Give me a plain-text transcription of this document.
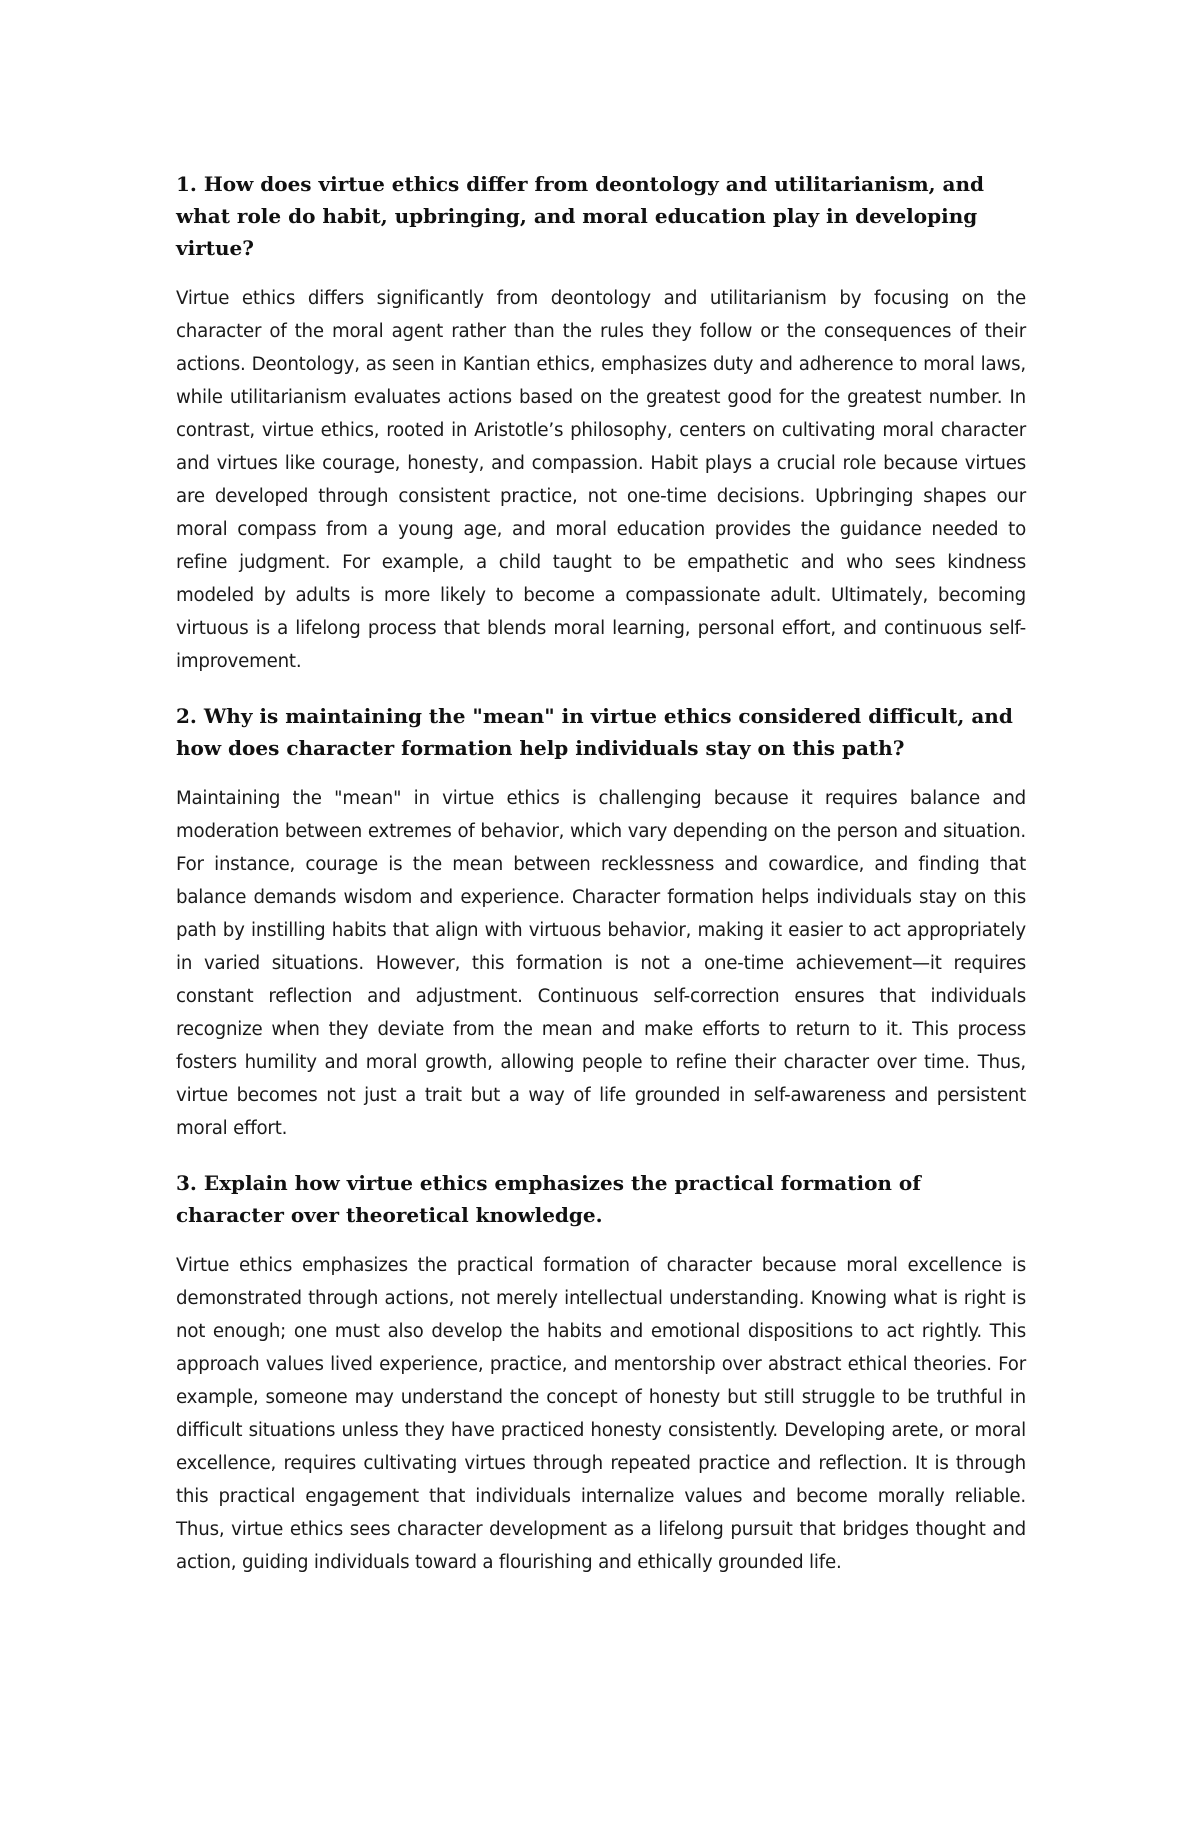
1. How does virtue ethics differ from deontology and utilitarianism, and what role do habit, upbringing, and moral education play in developing virtue?

Virtue ethics differs significantly from deontology and utilitarianism by focusing on the character of the moral agent rather than the rules they follow or the consequences of their actions. Deontology, as seen in Kantian ethics, emphasizes duty and adherence to moral laws, while utilitarianism evaluates actions based on the greatest good for the greatest number. In contrast, virtue ethics, rooted in Aristotle’s philosophy, centers on cultivating moral character and virtues like courage, honesty, and compassion. Habit plays a crucial role because virtues are developed through consistent practice, not one-time decisions. Upbringing shapes our moral compass from a young age, and moral education provides the guidance needed to refine judgment. For example, a child taught to be empathetic and who sees kindness modeled by adults is more likely to become a compassionate adult. Ultimately, becoming virtuous is a lifelong process that blends moral learning, personal effort, and continuous self-improvement.

2. Why is maintaining the "mean" in virtue ethics considered difficult, and how does character formation help individuals stay on this path?

Maintaining the "mean" in virtue ethics is challenging because it requires balance and moderation between extremes of behavior, which vary depending on the person and situation. For instance, courage is the mean between recklessness and cowardice, and finding that balance demands wisdom and experience. Character formation helps individuals stay on this path by instilling habits that align with virtuous behavior, making it easier to act appropriately in varied situations. However, this formation is not a one-time achievement—it requires constant reflection and adjustment. Continuous self-correction ensures that individuals recognize when they deviate from the mean and make efforts to return to it. This process fosters humility and moral growth, allowing people to refine their character over time. Thus, virtue becomes not just a trait but a way of life grounded in self-awareness and persistent moral effort.

3. Explain how virtue ethics emphasizes the practical formation of character over theoretical knowledge.

Virtue ethics emphasizes the practical formation of character because moral excellence is demonstrated through actions, not merely intellectual understanding. Knowing what is right is not enough; one must also develop the habits and emotional dispositions to act rightly. This approach values lived experience, practice, and mentorship over abstract ethical theories. For example, someone may understand the concept of honesty but still struggle to be truthful in difficult situations unless they have practiced honesty consistently. Developing arete, or moral excellence, requires cultivating virtues through repeated practice and reflection. It is through this practical engagement that individuals internalize values and become morally reliable. Thus, virtue ethics sees character development as a lifelong pursuit that bridges thought and action, guiding individuals toward a flourishing and ethically grounded life.
